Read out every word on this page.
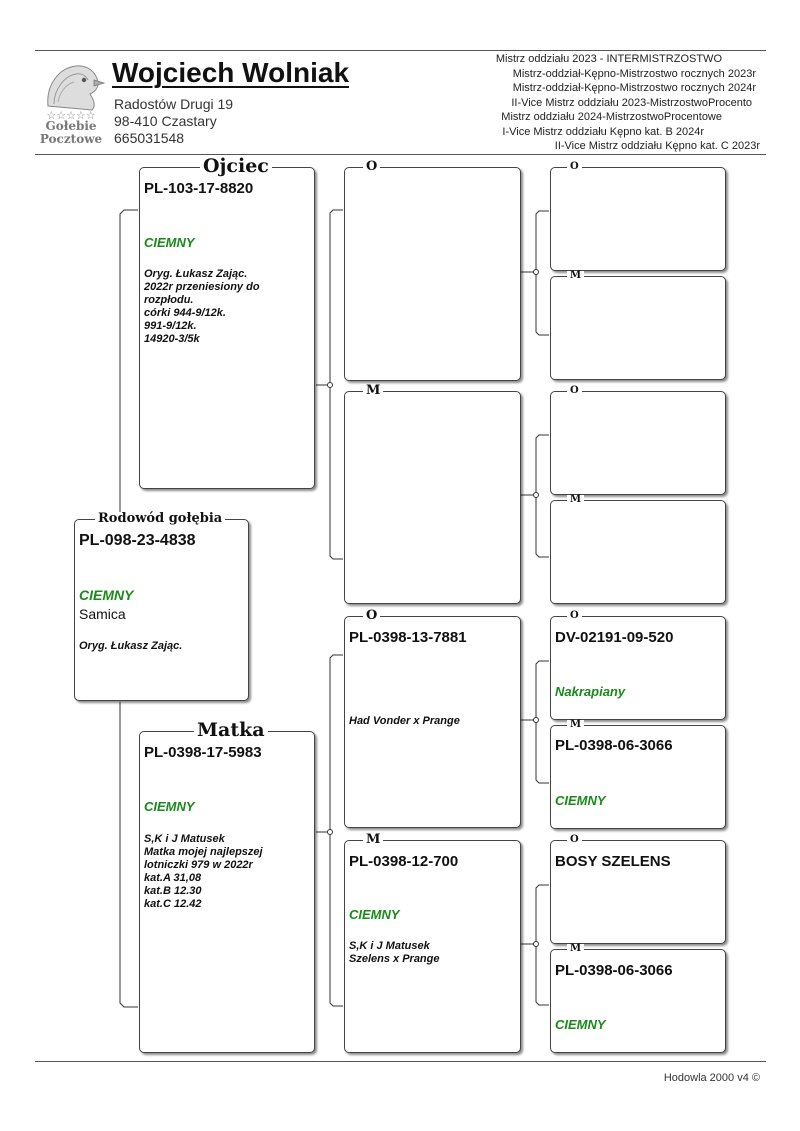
☆☆☆☆☆
Gołebie
Pocztowe
Wojciech Wolniak
Radostów Drugi 19
98-410 Czastary
665031548
Mistrz oddziału 2023 - INTERMISTRZOSTWO
Mistrz-oddział-Kępno-Mistrzostwo rocznych 2023r
Mistrz-oddział-Kępno-Mistrzostwo rocznych 2024r
II-Vice Mistrz oddziału 2023-MistrzostwoProcento
Mistrz oddziału 2024-MistrzostwoProcentowe
I-Vice Mistrz oddziału Kępno kat. B 2024r
II-Vice Mistrz oddziału Kępno kat. C 2023r
Rodowód gołębia
PL-098-23-4838
CIEMNY
Samica
Oryg. Łukasz Zając.
Ojciec
PL-103-17-8820
CIEMNY
Oryg. Łukasz Zając.
2022r przeniesiony do
rozpłodu.
córki 944-9/12k.
991-9/12k.
14920-3/5k
Matka
PL-0398-17-5983
CIEMNY
S,K i J Matusek
Matka mojej najlepszej
lotniczki 979 w 2022r
kat.A 31,08
kat.B 12.30
kat.C 12.42
O
M
O
PL-0398-13-7881
Had Vonder x Prange
M
PL-0398-12-700
CIEMNY
S,K i J Matusek
Szelens x Prange
O
M
O
M
O
DV-02191-09-520
Nakrapiany
M
PL-0398-06-3066
CIEMNY
O
BOSY SZELENS
M
PL-0398-06-3066
CIEMNY
Hodowla 2000 v4 ©
